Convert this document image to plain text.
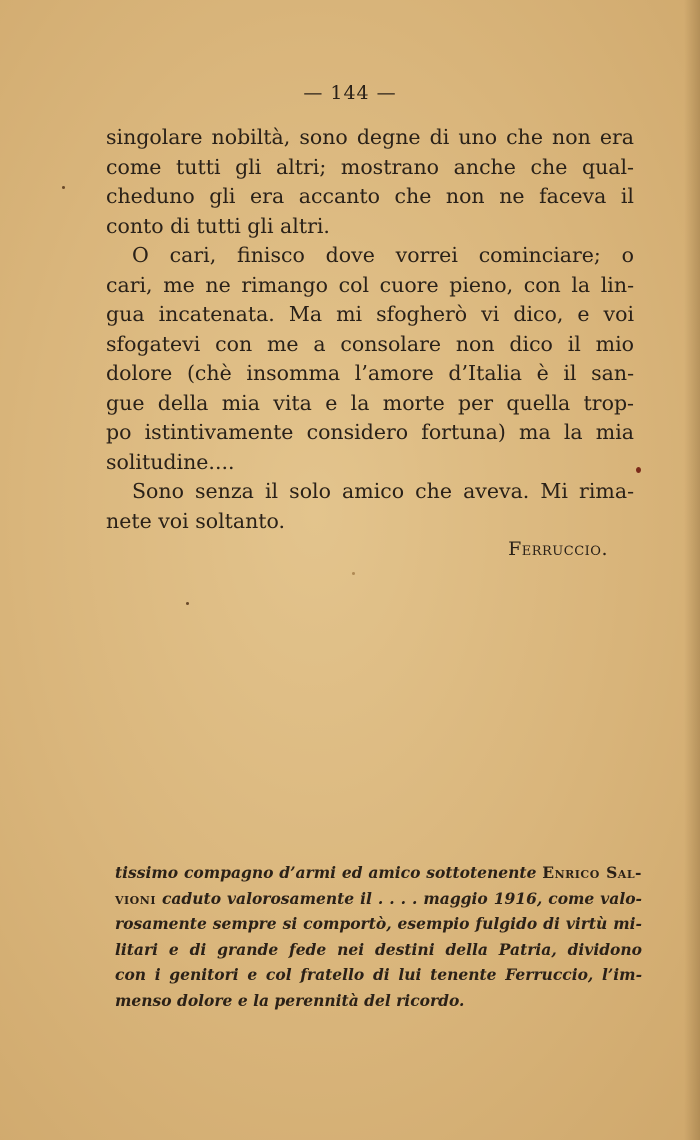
— 144 —
singolare nobiltà, sono degne di uno che non era
come tutti gli altri; mostrano anche che qual-
cheduno gli era accanto che non ne faceva il
conto di tutti gli altri.
O cari, finisco dove vorrei cominciare; o
cari, me ne rimango col cuore pieno, con la lin-
gua incatenata. Ma mi sfogherò vi dico, e voi
sfogatevi con me a consolare non dico il mio
dolore (chè insomma l’amore d’Italia è il san-
gue della mia vita e la morte per quella trop-
po istintivamente considero fortuna) ma la mia
solitudine....
Sono senza il solo amico che aveva. Mi rima-
nete voi soltanto.
Ferruccio.
tissimo compagno d’armi ed amico sottotenente Enrico Sal-
vioni caduto valorosamente il . . . . maggio 1916, come valo-
rosamente sempre si comportò, esempio fulgido di virtù mi-
litari e di grande fede nei destini della Patria, dividono
con i genitori e col fratello di lui tenente Ferruccio, l’im-
menso dolore e la perennità del ricordo.
